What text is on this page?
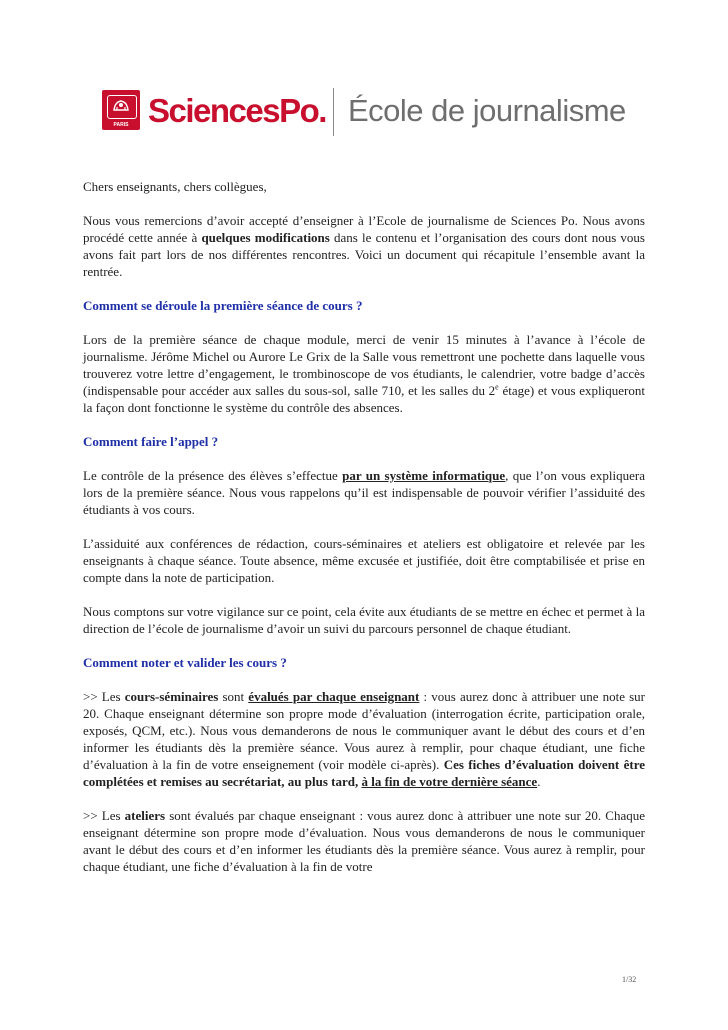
PARIS SciencesPo. École de journalisme

Chers enseignants, chers collègues,

Nous vous remercions d’avoir accepté d’enseigner à l’Ecole de journalisme de Sciences Po. Nous avons procédé cette année à quelques modifications dans le contenu et l’organisation des cours dont nous vous avons fait part lors de nos différentes rencontres. Voici un document qui récapitule l’ensemble avant la rentrée.

Comment se déroule la première séance de cours ?

Lors de la première séance de chaque module, merci de venir 15 minutes à l’avance à l’école de journalisme. Jérôme Michel ou Aurore Le Grix de la Salle vous remettront une pochette dans laquelle vous trouverez votre lettre d’engagement, le trombinoscope de vos étudiants, le calendrier, votre badge d’accès (indispensable pour accéder aux salles du sous-sol, salle 710, et les salles du 2e étage) et vous expliqueront la façon dont fonctionne le système du contrôle des absences.

Comment faire l’appel ?

Le contrôle de la présence des élèves s’effectue par un système informatique, que l’on vous expliquera lors de la première séance. Nous vous rappelons qu’il est indispensable de pouvoir vérifier l’assiduité des étudiants à vos cours.

L’assiduité aux conférences de rédaction, cours-séminaires et ateliers est obligatoire et relevée par les enseignants à chaque séance. Toute absence, même excusée et justifiée, doit être comptabilisée et prise en compte dans la note de participation.

Nous comptons sur votre vigilance sur ce point, cela évite aux étudiants de se mettre en échec et permet à la direction de l’école de journalisme d’avoir un suivi du parcours personnel de chaque étudiant.

Comment noter et valider les cours ?

>> Les cours-séminaires sont évalués par chaque enseignant : vous aurez donc à attribuer une note sur 20. Chaque enseignant détermine son propre mode d’évaluation (interrogation écrite, participation orale, exposés, QCM, etc.). Nous vous demanderons de nous le communiquer avant le début des cours et d’en informer les étudiants dès la première séance. Vous aurez à remplir, pour chaque étudiant, une fiche d’évaluation à la fin de votre enseignement (voir modèle ci-après). Ces fiches d’évaluation doivent être complétées et remises au secrétariat, au plus tard, à la fin de votre dernière séance.

>> Les ateliers sont évalués par chaque enseignant : vous aurez donc à attribuer une note sur 20. Chaque enseignant détermine son propre mode d’évaluation. Nous vous demanderons de nous le communiquer avant le début des cours et d’en informer les étudiants dès la première séance. Vous aurez à remplir, pour chaque étudiant, une fiche d’évaluation à la fin de votre

1/32
